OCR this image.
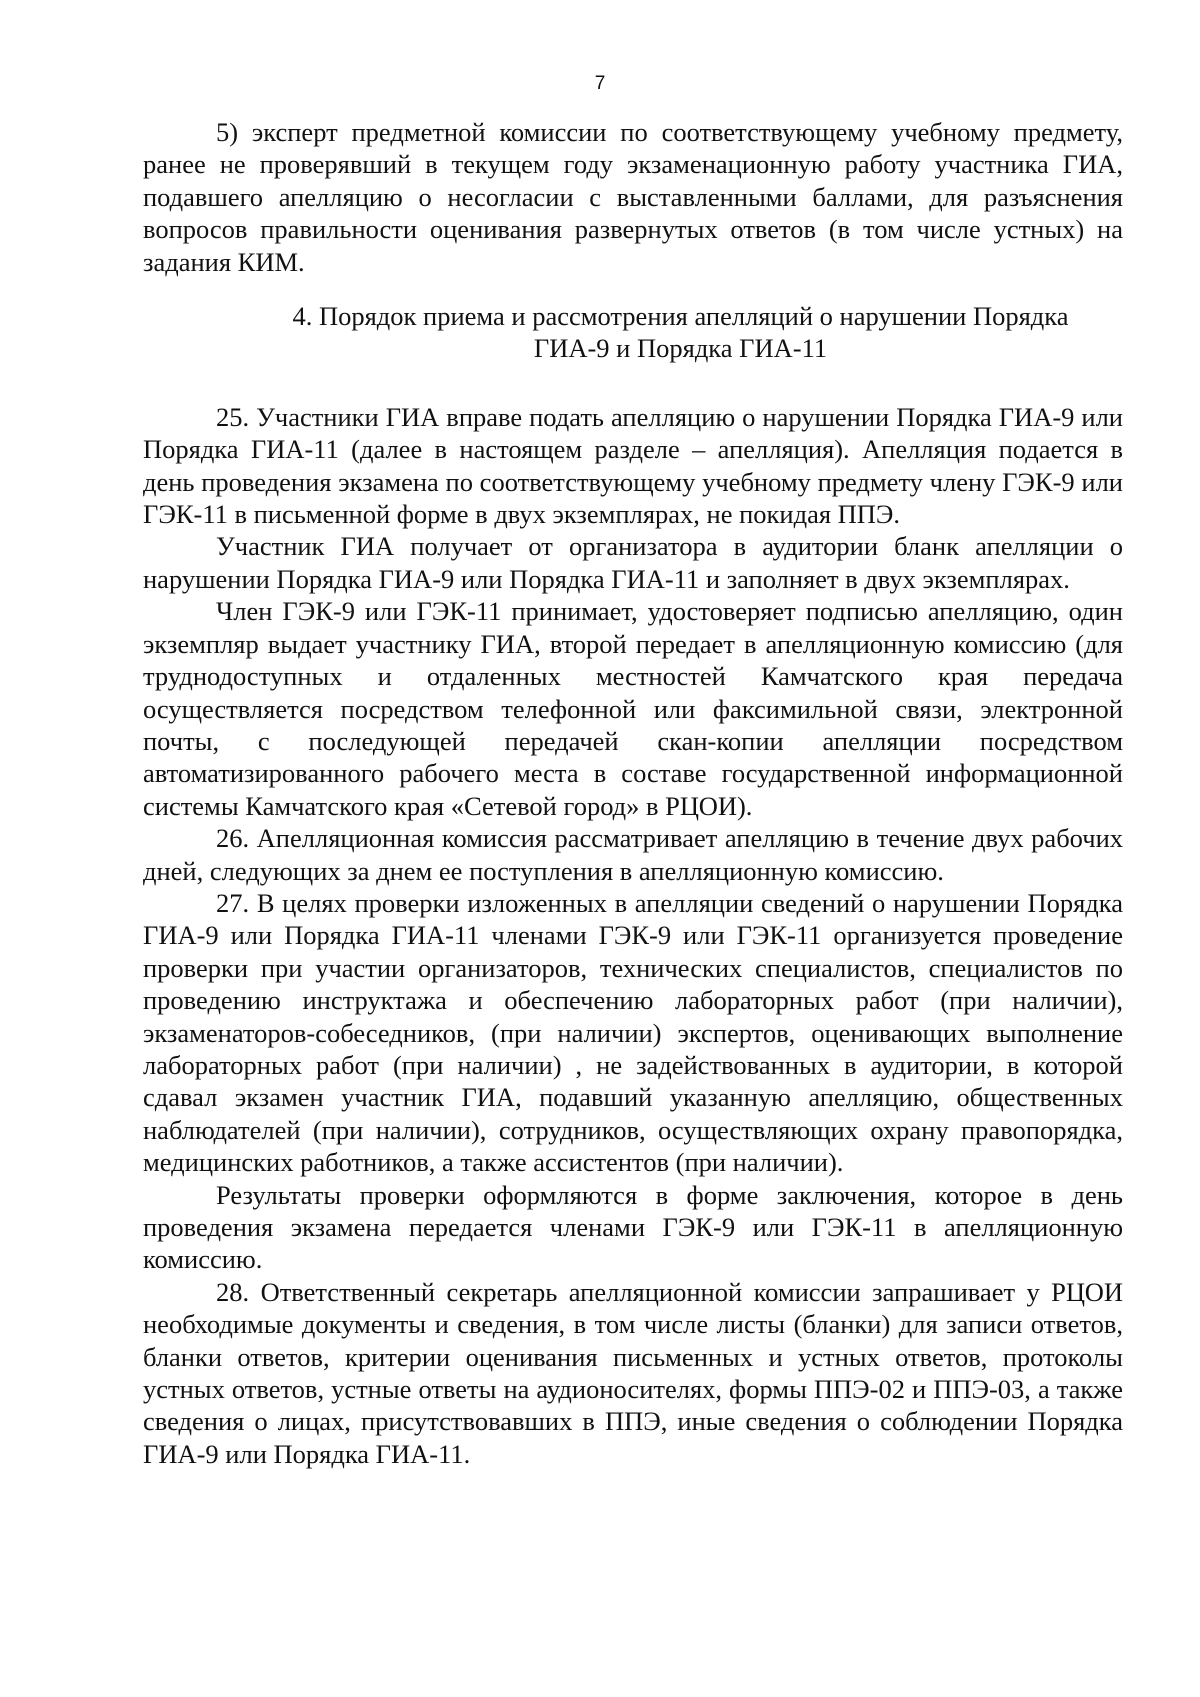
7

5) эксперт предметной комиссии по соответствующему учебному предмету, ранее не проверявший в текущем году экзаменационную работу участника ГИА, подавшего апелляцию о несогласии с выставленными баллами, для разъяснения вопросов правильности оценивания развернутых ответов (в том числе устных) на задания КИМ.

4. Порядок приема и рассмотрения апелляций о нарушении Порядка
ГИА-9 и Порядка ГИА-11

25. Участники ГИА вправе подать апелляцию о нарушении Порядка ГИА-9 или Порядка ГИА-11 (далее в настоящем разделе – апелляция). Апелляция подается в день проведения экзамена по соответствующему учебному предмету члену ГЭК-9 или ГЭК-11 в письменной форме в двух экземплярах, не покидая ППЭ.

Участник ГИА получает от организатора в аудитории бланк апелляции о нарушении Порядка ГИА-9 или Порядка ГИА-11 и заполняет в двух экземплярах.

Член ГЭК-9 или ГЭК-11 принимает, удостоверяет подписью апелляцию, один экземпляр выдает участнику ГИА, второй передает в апелляционную комиссию (для труднодоступных и отдаленных местностей Камчатского края передача осуществляется посредством телефонной или факсимильной связи, электронной почты, с последующей передачей скан-копии апелляции посредством автоматизированного рабочего места в составе государственной информационной системы Камчатского края «Сетевой город» в РЦОИ).

26. Апелляционная комиссия рассматривает апелляцию в течение двух рабочих дней, следующих за днем ее поступления в апелляционную комиссию.

27. В целях проверки изложенных в апелляции сведений о нарушении Порядка ГИА-9 или Порядка ГИА-11 членами ГЭК-9 или ГЭК-11 организуется проведение проверки при участии организаторов, технических специалистов, специалистов по проведению инструктажа и обеспечению лабораторных работ (при наличии), экзаменаторов-собеседников, (при наличии) экспертов, оценивающих выполнение лабораторных работ (при наличии) , не задействованных в аудитории, в которой сдавал экзамен участник ГИА, подавший указанную апелляцию, общественных наблюдателей (при наличии), сотрудников, осуществляющих охрану правопорядка, медицинских работников, а также ассистентов (при наличии).

Результаты проверки оформляются в форме заключения, которое в день проведения экзамена передается членами ГЭК-9 или ГЭК-11 в апелляционную комиссию.

28. Ответственный секретарь апелляционной комиссии запрашивает у РЦОИ необходимые документы и сведения, в том числе листы (бланки) для записи ответов, бланки ответов, критерии оценивания письменных и устных ответов, протоколы устных ответов, устные ответы на аудионосителях, формы ППЭ-02 и ППЭ-03, а также сведения о лицах, присутствовавших в ППЭ, иные сведения о соблюдении Порядка ГИА-9 или Порядка ГИА-11.
